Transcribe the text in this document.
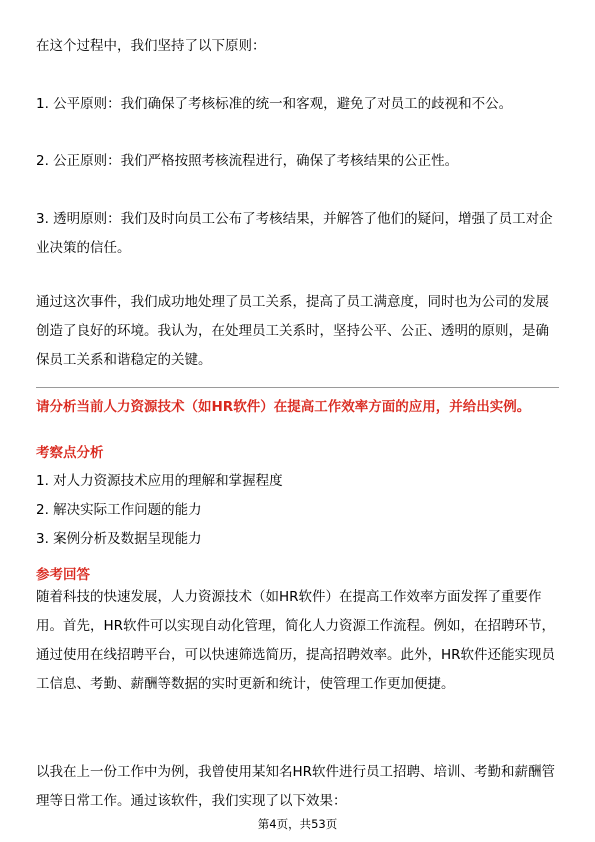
在这个过程中，我们坚持了以下原则：

1. 公平原则：我们确保了考核标准的统一和客观，避免了对员工的歧视和不公。

2. 公正原则：我们严格按照考核流程进行，确保了考核结果的公正性。

3. 透明原则：我们及时向员工公布了考核结果，并解答了他们的疑问，增强了员工对企业决策的信任。

通过这次事件，我们成功地处理了员工关系，提高了员工满意度，同时也为公司的发展创造了良好的环境。我认为，在处理员工关系时，坚持公平、公正、透明的原则，是确保员工关系和谐稳定的关键。

请分析当前人力资源技术（如HR软件）在提高工作效率方面的应用，并给出实例。

考察点分析

1. 对人力资源技术应用的理解和掌握程度

2. 解决实际工作问题的能力

3. 案例分析及数据呈现能力

参考回答

随着科技的快速发展，人力资源技术（如HR软件）在提高工作效率方面发挥了重要作用。首先，HR软件可以实现自动化管理，简化人力资源工作流程。例如，在招聘环节，通过使用在线招聘平台，可以快速筛选简历，提高招聘效率。此外，HR软件还能实现员工信息、考勤、薪酬等数据的实时更新和统计，使管理工作更加便捷。

以我在上一份工作中为例，我曾使用某知名HR软件进行员工招聘、培训、考勤和薪酬管理等日常工作。通过该软件，我们实现了以下效果：

第4页，共53页
